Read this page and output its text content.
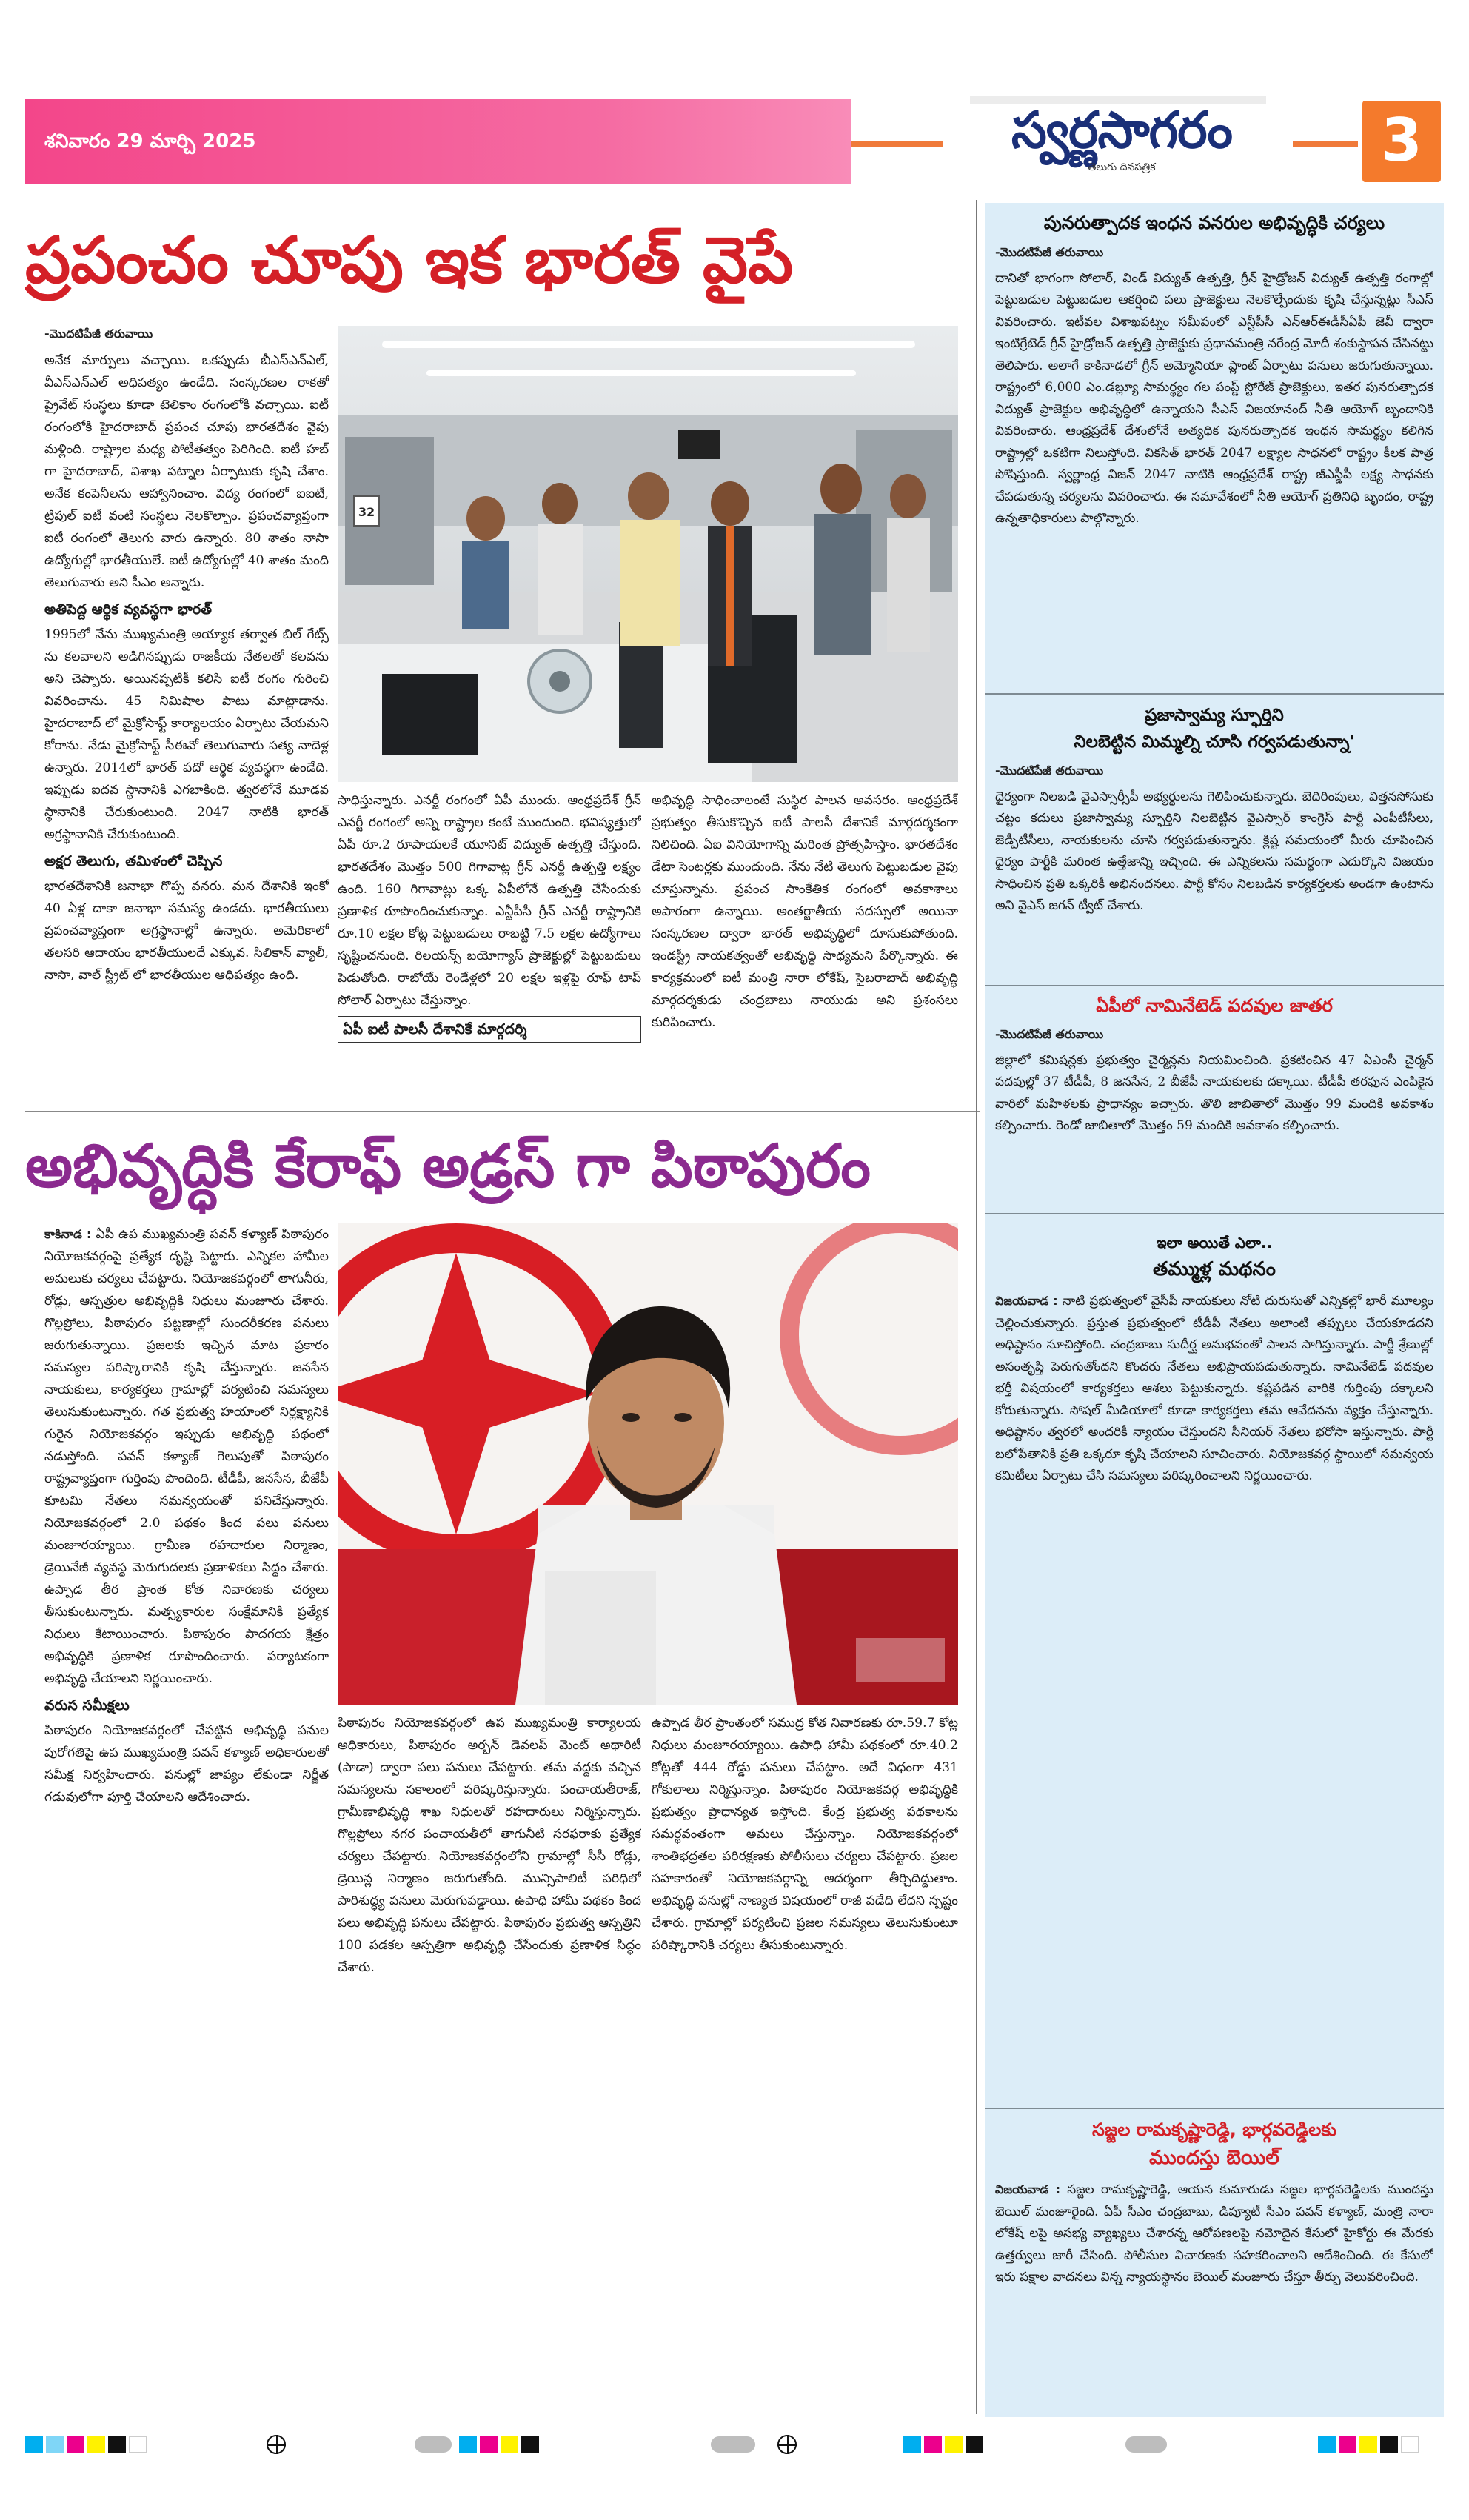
శనివారం 29 మార్చి 2025	స్వర్ణసాగరం
తెలుగు దినపత్రిక	3
ప్రపంచం చూపు ఇక భారత్ వైపే
-మొదటిపేజీ తరువాయి
అనేక మార్పులు వచ్చాయి. ఒకప్పుడు బీఎస్ఎన్ఎల్, వీఎస్ఎన్ఎల్ అధిపత్యం ఉండేది. సంస్కరణల రాకతో ప్రైవేట్ సంస్థలు కూడా టెలికాం రంగంలోకి వచ్చాయి. ఐటీ రంగంలోకి హైదరాబాద్ ప్రపంచ చూపు భారతదేశం వైపు మళ్లింది. రాష్ట్రాల మధ్య పోటీతత్వం పెరిగింది. ఐటీ హబ్ గా హైదరాబాద్, విశాఖ పట్నాల ఏర్పాటుకు కృషి చేశాం. అనేక కంపెనీలను ఆహ్వానించాం. విద్య రంగంలో ఐఐటీ, ట్రిపుల్ ఐటీ వంటి సంస్థలు నెలకొల్పాం. ప్రపంచవ్యాప్తంగా ఐటీ రంగంలో తెలుగు వారు ఉన్నారు. 80 శాతం నాసా ఉద్యోగుల్లో భారతీయులే. ఐటీ ఉద్యోగుల్లో 40 శాతం మంది తెలుగువారు అని సీఎం అన్నారు.
అతిపెద్ద ఆర్థిక వ్యవస్థగా భారత్
1995లో నేను ముఖ్యమంత్రి అయ్యాక తర్వాత బిల్ గేట్స్ ను కలవాలని అడిగినప్పుడు రాజకీయ నేతలతో కలవను అని చెప్పారు. అయినప్పటికీ కలిసి ఐటీ రంగం గురించి వివరించాను. 45 నిమిషాల పాటు మాట్లాడాను. హైదరాబాద్ లో మైక్రోసాఫ్ట్ కార్యాలయం ఏర్పాటు చేయమని కోరాను. నేడు మైక్రోసాఫ్ట్ సీఈవో తెలుగువారు సత్య నాదెళ్ల ఉన్నారు. 2014లో భారత్ పదో ఆర్థిక వ్యవస్థగా ఉండేది. ఇప్పుడు ఐదవ స్థానానికి ఎగబాకింది. త్వరలోనే మూడవ స్థానానికి చేరుకుంటుంది. 2047 నాటికి భారత్ అగ్రస్థానానికి చేరుకుంటుంది.
అక్షర తెలుగు, తమిళంలో చెప్పిన
భారతదేశానికి జనాభా గొప్ప వనరు. మన దేశానికి ఇంకో 40 ఏళ్ల దాకా జనాభా సమస్య ఉండదు. భారతీయులు ప్రపంచవ్యాప్తంగా అగ్రస్థానాల్లో ఉన్నారు. అమెరికాలో తలసరి ఆదాయం భారతీయులదే ఎక్కువ. సిలికాన్ వ్యాలీ, నాసా, వాల్ స్ట్రీట్ లో భారతీయుల ఆధిపత్యం ఉంది.
32
సాధిస్తున్నారు. ఎనర్జీ రంగంలో ఏపీ ముందు. ఆంధ్రప్రదేశ్ గ్రీన్ ఎనర్జీ రంగంలో అన్ని రాష్ట్రాల కంటే ముందుంది. భవిష్యత్తులో ఏపీ రూ.2 రూపాయలకే యూనిట్ విద్యుత్ ఉత్పత్తి చేస్తుంది. భారతదేశం మొత్తం 500 గిగావాట్ల గ్రీన్ ఎనర్జీ ఉత్పత్తి లక్ష్యం ఉంది. 160 గిగావాట్లు ఒక్క ఏపీలోనే ఉత్పత్తి చేసేందుకు ప్రణాళిక రూపొందించుకున్నాం. ఎన్టీపీసీ గ్రీన్ ఎనర్జీ రాష్ట్రానికి రూ.10 లక్షల కోట్ల పెట్టుబడులు రాబట్టి 7.5 లక్షల ఉద్యోగాలు సృష్టించనుంది. రిలయన్స్ బయోగ్యాస్ ప్రాజెక్టుల్లో పెట్టుబడులు పెడుతోంది. రాబోయే రెండేళ్లలో 20 లక్షల ఇళ్లపై రూఫ్ టాప్ సోలార్ ఏర్పాటు చేస్తున్నాం.
ఏపీ ఐటీ పాలసీ దేశానికే మార్గదర్శి
అభివృద్ధి సాధించాలంటే సుస్థిర పాలన అవసరం. ఆంధ్రప్రదేశ్ ప్రభుత్వం తీసుకొచ్చిన ఐటీ పాలసీ దేశానికే మార్గదర్శకంగా నిలిచింది. ఏఐ వినియోగాన్ని మరింత ప్రోత్సహిస్తాం. భారతదేశం డేటా సెంటర్లకు ముందుంది. నేను నేటి తెలుగు పెట్టుబడుల వైపు చూస్తున్నాను. ప్రపంచ సాంకేతిక రంగంలో అవకాశాలు అపారంగా ఉన్నాయి. అంతర్జాతీయ సదస్సులో అయినా సంస్కరణల ద్వారా భారత్ అభివృద్ధిలో దూసుకుపోతుంది. ఇండస్ట్రీ నాయకత్వంతో అభివృద్ధి సాధ్యమని పేర్కొన్నారు. ఈ కార్యక్రమంలో ఐటీ మంత్రి నారా లోకేష్, సైబరాబాద్ అభివృద్ధి మార్గదర్శకుడు చంద్రబాబు నాయుడు అని ప్రశంసలు కురిపించారు.
అభివృద్ధికి కేరాఫ్ అడ్రస్ గా పిఠాపురం
కాకినాడ : ఏపీ ఉప ముఖ్యమంత్రి పవన్ కళ్యాణ్ పిఠాపురం నియోజకవర్గంపై ప్రత్యేక దృష్టి పెట్టారు. ఎన్నికల హామీల అమలుకు చర్యలు చేపట్టారు. నియోజకవర్గంలో తాగునీరు, రోడ్లు, ఆస్పత్రుల అభివృద్ధికి నిధులు మంజూరు చేశారు. గొల్లప్రోలు, పిఠాపురం పట్టణాల్లో సుందరీకరణ పనులు జరుగుతున్నాయి. ప్రజలకు ఇచ్చిన మాట ప్రకారం సమస్యల పరిష్కారానికి కృషి చేస్తున్నారు. జనసేన నాయకులు, కార్యకర్తలు గ్రామాల్లో పర్యటించి సమస్యలు తెలుసుకుంటున్నారు. గత ప్రభుత్వ హయాంలో నిర్లక్ష్యానికి గురైన నియోజకవర్గం ఇప్పుడు అభివృద్ధి పథంలో నడుస్తోంది. పవన్ కళ్యాణ్ గెలుపుతో పిఠాపురం రాష్ట్రవ్యాప్తంగా గుర్తింపు పొందింది. టీడీపీ, జనసేన, బీజేపీ కూటమి నేతలు సమన్వయంతో పనిచేస్తున్నారు. నియోజకవర్గంలో 2.0 పథకం కింద పలు పనులు మంజూరయ్యాయి. గ్రామీణ రహదారుల నిర్మాణం, డ్రెయినేజీ వ్యవస్థ మెరుగుదలకు ప్రణాళికలు సిద్ధం చేశారు. ఉప్పాడ తీర ప్రాంత కోత నివారణకు చర్యలు తీసుకుంటున్నారు. మత్స్యకారుల సంక్షేమానికి ప్రత్యేక నిధులు కేటాయించారు. పిఠాపురం పాదగయ క్షేత్రం అభివృద్ధికి ప్రణాళిక రూపొందించారు. పర్యాటకంగా అభివృద్ధి చేయాలని నిర్ణయించారు.
వరుస సమీక్షలు
పిఠాపురం నియోజకవర్గంలో చేపట్టిన అభివృద్ధి పనుల పురోగతిపై ఉప ముఖ్యమంత్రి పవన్ కళ్యాణ్ అధికారులతో సమీక్ష నిర్వహించారు. పనుల్లో జాప్యం లేకుండా నిర్ణీత గడువులోగా పూర్తి చేయాలని ఆదేశించారు.
పిఠాపురం నియోజకవర్గంలో ఉప ముఖ్యమంత్రి కార్యాలయ అధికారులు, పిఠాపురం అర్బన్ డెవలప్ మెంట్ అథారిటీ (పాడా) ద్వారా పలు పనులు చేపట్టారు. తమ వద్దకు వచ్చిన సమస్యలను సకాలంలో పరిష్కరిస్తున్నారు. పంచాయతీరాజ్, గ్రామీణాభివృద్ధి శాఖ నిధులతో రహదారులు నిర్మిస్తున్నారు. గొల్లప్రోలు నగర పంచాయతీలో తాగునీటి సరఫరాకు ప్రత్యేక చర్యలు చేపట్టారు. నియోజకవర్గంలోని గ్రామాల్లో సీసీ రోడ్లు, డ్రెయిన్ల నిర్మాణం జరుగుతోంది. మున్సిపాలిటీ పరిధిలో పారిశుద్ధ్య పనులు మెరుగుపడ్డాయి. ఉపాధి హామీ పథకం కింద పలు అభివృద్ధి పనులు చేపట్టారు. పిఠాపురం ప్రభుత్వ ఆస్పత్రిని 100 పడకల ఆస్పత్రిగా అభివృద్ధి చేసేందుకు ప్రణాళిక సిద్ధం చేశారు.
ఉప్పాడ తీర ప్రాంతంలో సముద్ర కోత నివారణకు రూ.59.7 కోట్ల నిధులు మంజూరయ్యాయి. ఉపాధి హామీ పథకంలో రూ.40.2 కోట్లతో 444 రోడ్డు పనులు చేపట్టాం. అదే విధంగా 431 గోకులాలు నిర్మిస్తున్నాం. పిఠాపురం నియోజకవర్గ అభివృద్ధికి ప్రభుత్వం ప్రాధాన్యత ఇస్తోంది. కేంద్ర ప్రభుత్వ పథకాలను సమర్థవంతంగా అమలు చేస్తున్నాం. నియోజకవర్గంలో శాంతిభద్రతల పరిరక్షణకు పోలీసులు చర్యలు చేపట్టారు. ప్రజల సహకారంతో నియోజకవర్గాన్ని ఆదర్శంగా తీర్చిదిద్దుతాం. అభివృద్ధి పనుల్లో నాణ్యత విషయంలో రాజీ పడేది లేదని స్పష్టం చేశారు. గ్రామాల్లో పర్యటించి ప్రజల సమస్యలు తెలుసుకుంటూ పరిష్కారానికి చర్యలు తీసుకుంటున్నారు.
పునరుత్పాదక ఇంధన వనరుల అభివృద్ధికి చర్యలు
-మొదటిపేజీ తరువాయి
దానితో భాగంగా సోలార్, విండ్ విద్యుత్ ఉత్పత్తి, గ్రీన్ హైడ్రోజన్ విద్యుత్ ఉత్పత్తి రంగాల్లో పెట్టుబడుల పెట్టుబడుల ఆకర్షించి పలు ప్రాజెక్టులు నెలకొల్పేందుకు కృషి చేస్తున్నట్లు సీఎస్ వివరించారు. ఇటీవల విశాఖపట్నం సమీపంలో ఎన్టీపీసీ ఎన్ఆర్ఈడీసీఏపీ జెవీ ద్వారా ఇంటిగ్రేటెడ్ గ్రీన్ హైడ్రోజన్ ఉత్పత్తి ప్రాజెక్టుకు ప్రధానమంత్రి నరేంద్ర మోదీ శంకుస్థాపన చేసినట్టు తెలిపారు. అలాగే కాకినాడలో గ్రీన్ అమ్మోనియా ప్లాంట్ ఏర్పాటు పనులు జరుగుతున్నాయి. రాష్ట్రంలో 6,000 ఎం.డబ్ల్యూ సామర్థ్యం గల పంప్డ్ స్టోరేజ్ ప్రాజెక్టులు, ఇతర పునరుత్పాదక విద్యుత్ ప్రాజెక్టుల అభివృద్ధిలో ఉన్నాయని సీఎస్ విజయానంద్ నీతి ఆయోగ్ బృందానికి వివరించారు. ఆంధ్రప్రదేశ్ దేశంలోనే అత్యధిక పునరుత్పాదక ఇంధన సామర్థ్యం కలిగిన రాష్ట్రాల్లో ఒకటిగా నిలుస్తోంది. వికసిత్ భారత్ 2047 లక్ష్యాల సాధనలో రాష్ట్రం కీలక పాత్ర పోషిస్తుంది. స్వర్ణాంధ్ర విజన్ 2047 నాటికి ఆంధ్రప్రదేశ్ రాష్ట్ర జీఎస్డీపీ లక్ష్య సాధనకు చేపడుతున్న చర్యలను వివరించారు. ఈ సమావేశంలో నీతి ఆయోగ్ ప్రతినిధి బృందం, రాష్ట్ర ఉన్నతాధికారులు పాల్గొన్నారు.
ప్రజాస్వామ్య స్ఫూర్తిని
నిలబెట్టిన మిమ్మల్ని చూసి గర్వపడుతున్నా'
-మొదటిపేజీ తరువాయి
ధైర్యంగా నిలబడి వైఎస్సార్సీపీ అభ్యర్థులను గెలిపించుకున్నారు. బెదిరింపులు, విత్తనసోసుకు చట్టం కదులు ప్రజాస్వామ్య స్ఫూర్తిని నిలబెట్టిన వైఎస్సార్ కాంగ్రెస్ పార్టీ ఎంపీటీసీలు, జెడ్పీటీసీలు, నాయకులను చూసి గర్వపడుతున్నాను. క్లిష్ట సమయంలో మీరు చూపించిన ధైర్యం పార్టీకి మరింత ఉత్తేజాన్ని ఇచ్చింది. ఈ ఎన్నికలను సమర్థంగా ఎదుర్కొని విజయం సాధించిన ప్రతి ఒక్కరికీ అభినందనలు. పార్టీ కోసం నిలబడిన కార్యకర్తలకు అండగా ఉంటాను అని వైఎస్ జగన్ ట్వీట్ చేశారు.
ఏపీలో నామినేటెడ్ పదవుల జాతర
-మొదటిపేజీ తరువాయి
జిల్లాలో కమిషన్లకు ప్రభుత్వం చైర్మన్లను నియమించింది. ప్రకటించిన 47 ఏఎంసీ చైర్మన్ పదవుల్లో 37 టీడీపీ, 8 జనసేన, 2 బీజేపీ నాయకులకు దక్కాయి. టీడీపీ తరఫున ఎంపికైన వారిలో మహిళలకు ప్రాధాన్యం ఇచ్చారు. తొలి జాబితాలో మొత్తం 99 మందికి అవకాశం కల్పించారు. రెండో జాబితాలో మొత్తం 59 మందికి అవకాశం కల్పించారు.
ఇలా అయితే ఎలా..
తమ్ముళ్ల మథనం
విజయవాడ : నాటి ప్రభుత్వంలో వైసీపీ నాయకులు నోటి దురుసుతో ఎన్నికల్లో భారీ మూల్యం చెల్లించుకున్నారు. ప్రస్తుత ప్రభుత్వంలో టీడీపీ నేతలు అలాంటి తప్పులు చేయకూడదని అధిష్టానం సూచిస్తోంది. చంద్రబాబు సుదీర్ఘ అనుభవంతో పాలన సాగిస్తున్నారు. పార్టీ శ్రేణుల్లో అసంతృప్తి పెరుగుతోందని కొందరు నేతలు అభిప్రాయపడుతున్నారు. నామినేటెడ్ పదవుల భర్తీ విషయంలో కార్యకర్తలు ఆశలు పెట్టుకున్నారు. కష్టపడిన వారికి గుర్తింపు దక్కాలని కోరుతున్నారు. సోషల్ మీడియాలో కూడా కార్యకర్తలు తమ ఆవేదనను వ్యక్తం చేస్తున్నారు. అధిష్టానం త్వరలో అందరికీ న్యాయం చేస్తుందని సీనియర్ నేతలు భరోసా ఇస్తున్నారు. పార్టీ బలోపేతానికి ప్రతి ఒక్కరూ కృషి చేయాలని సూచించారు. నియోజకవర్గ స్థాయిలో సమన్వయ కమిటీలు ఏర్పాటు చేసి సమస్యలు పరిష్కరించాలని నిర్ణయించారు.
సజ్జల రామకృష్ణారెడ్డి, భార్గవరెడ్డిలకు
ముందస్తు బెయిల్
విజయవాడ : సజ్జల రామకృష్ణారెడ్డి, ఆయన కుమారుడు సజ్జల భార్గవరెడ్డిలకు ముందస్తు బెయిల్ మంజూరైంది. ఏపీ సీఎం చంద్రబాబు, డిప్యూటీ సీఎం పవన్ కళ్యాణ్, మంత్రి నారా లోకేష్ లపై అసభ్య వ్యాఖ్యలు చేశారన్న ఆరోపణలపై నమోదైన కేసులో హైకోర్టు ఈ మేరకు ఉత్తర్వులు జారీ చేసింది. పోలీసుల విచారణకు సహకరించాలని ఆదేశించింది. ఈ కేసులో ఇరు పక్షాల వాదనలు విన్న న్యాయస్థానం బెయిల్ మంజూరు చేస్తూ తీర్పు వెలువరించింది.
